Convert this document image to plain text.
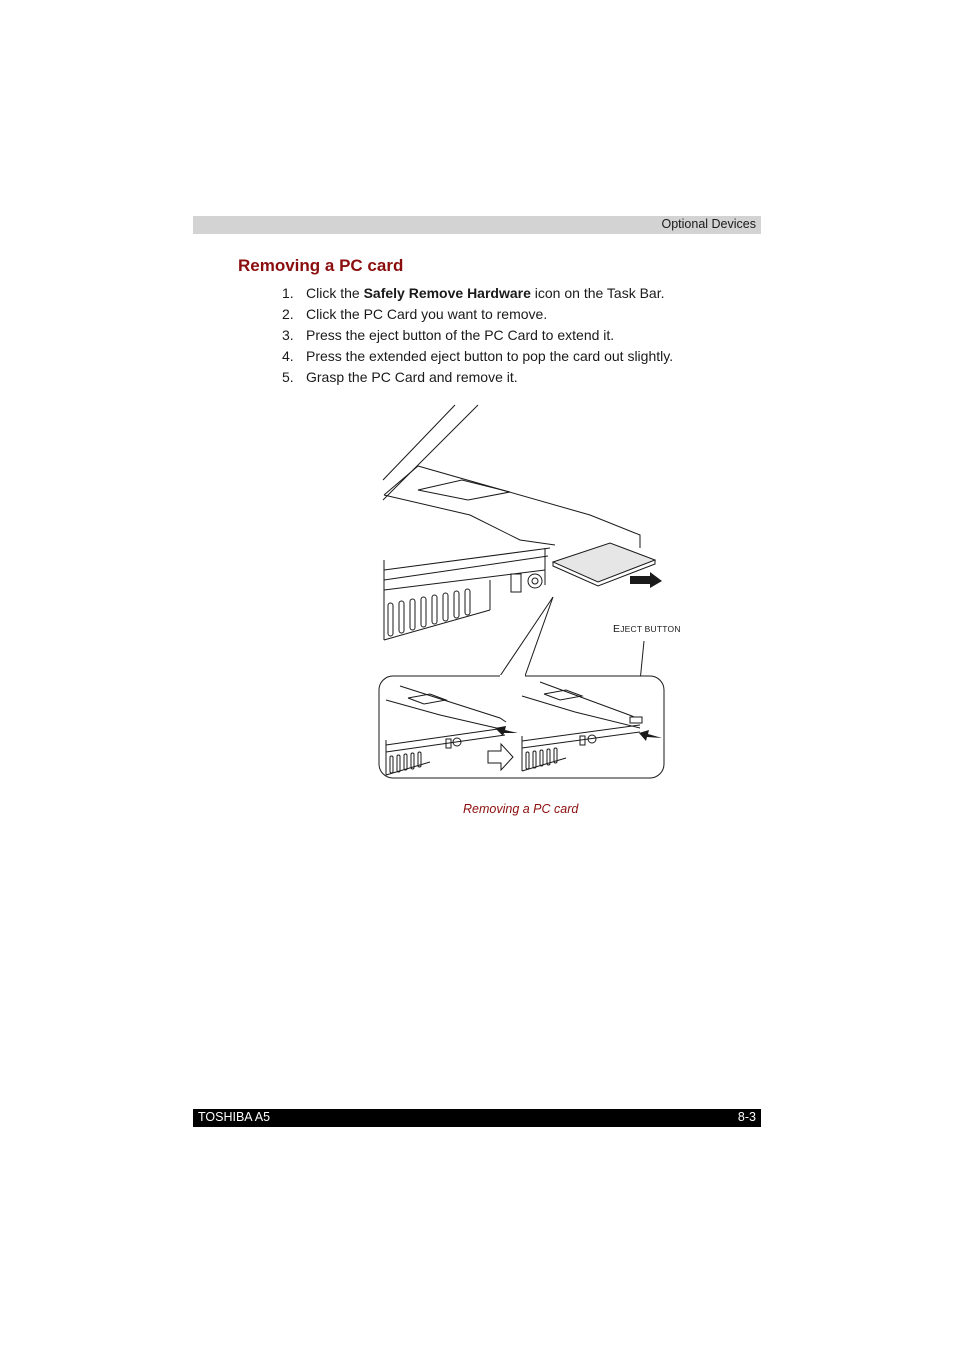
Optional Devices
Removing a PC card
1. Click the Safely Remove Hardware icon on the Task Bar.
2. Click the PC Card you want to remove.
3. Press the eject button of the PC Card to extend it.
4. Press the extended eject button to pop the card out slightly.
5. Grasp the PC Card and remove it.
EJECT BUTTON
Removing a PC card
TOSHIBA A5	8-3
